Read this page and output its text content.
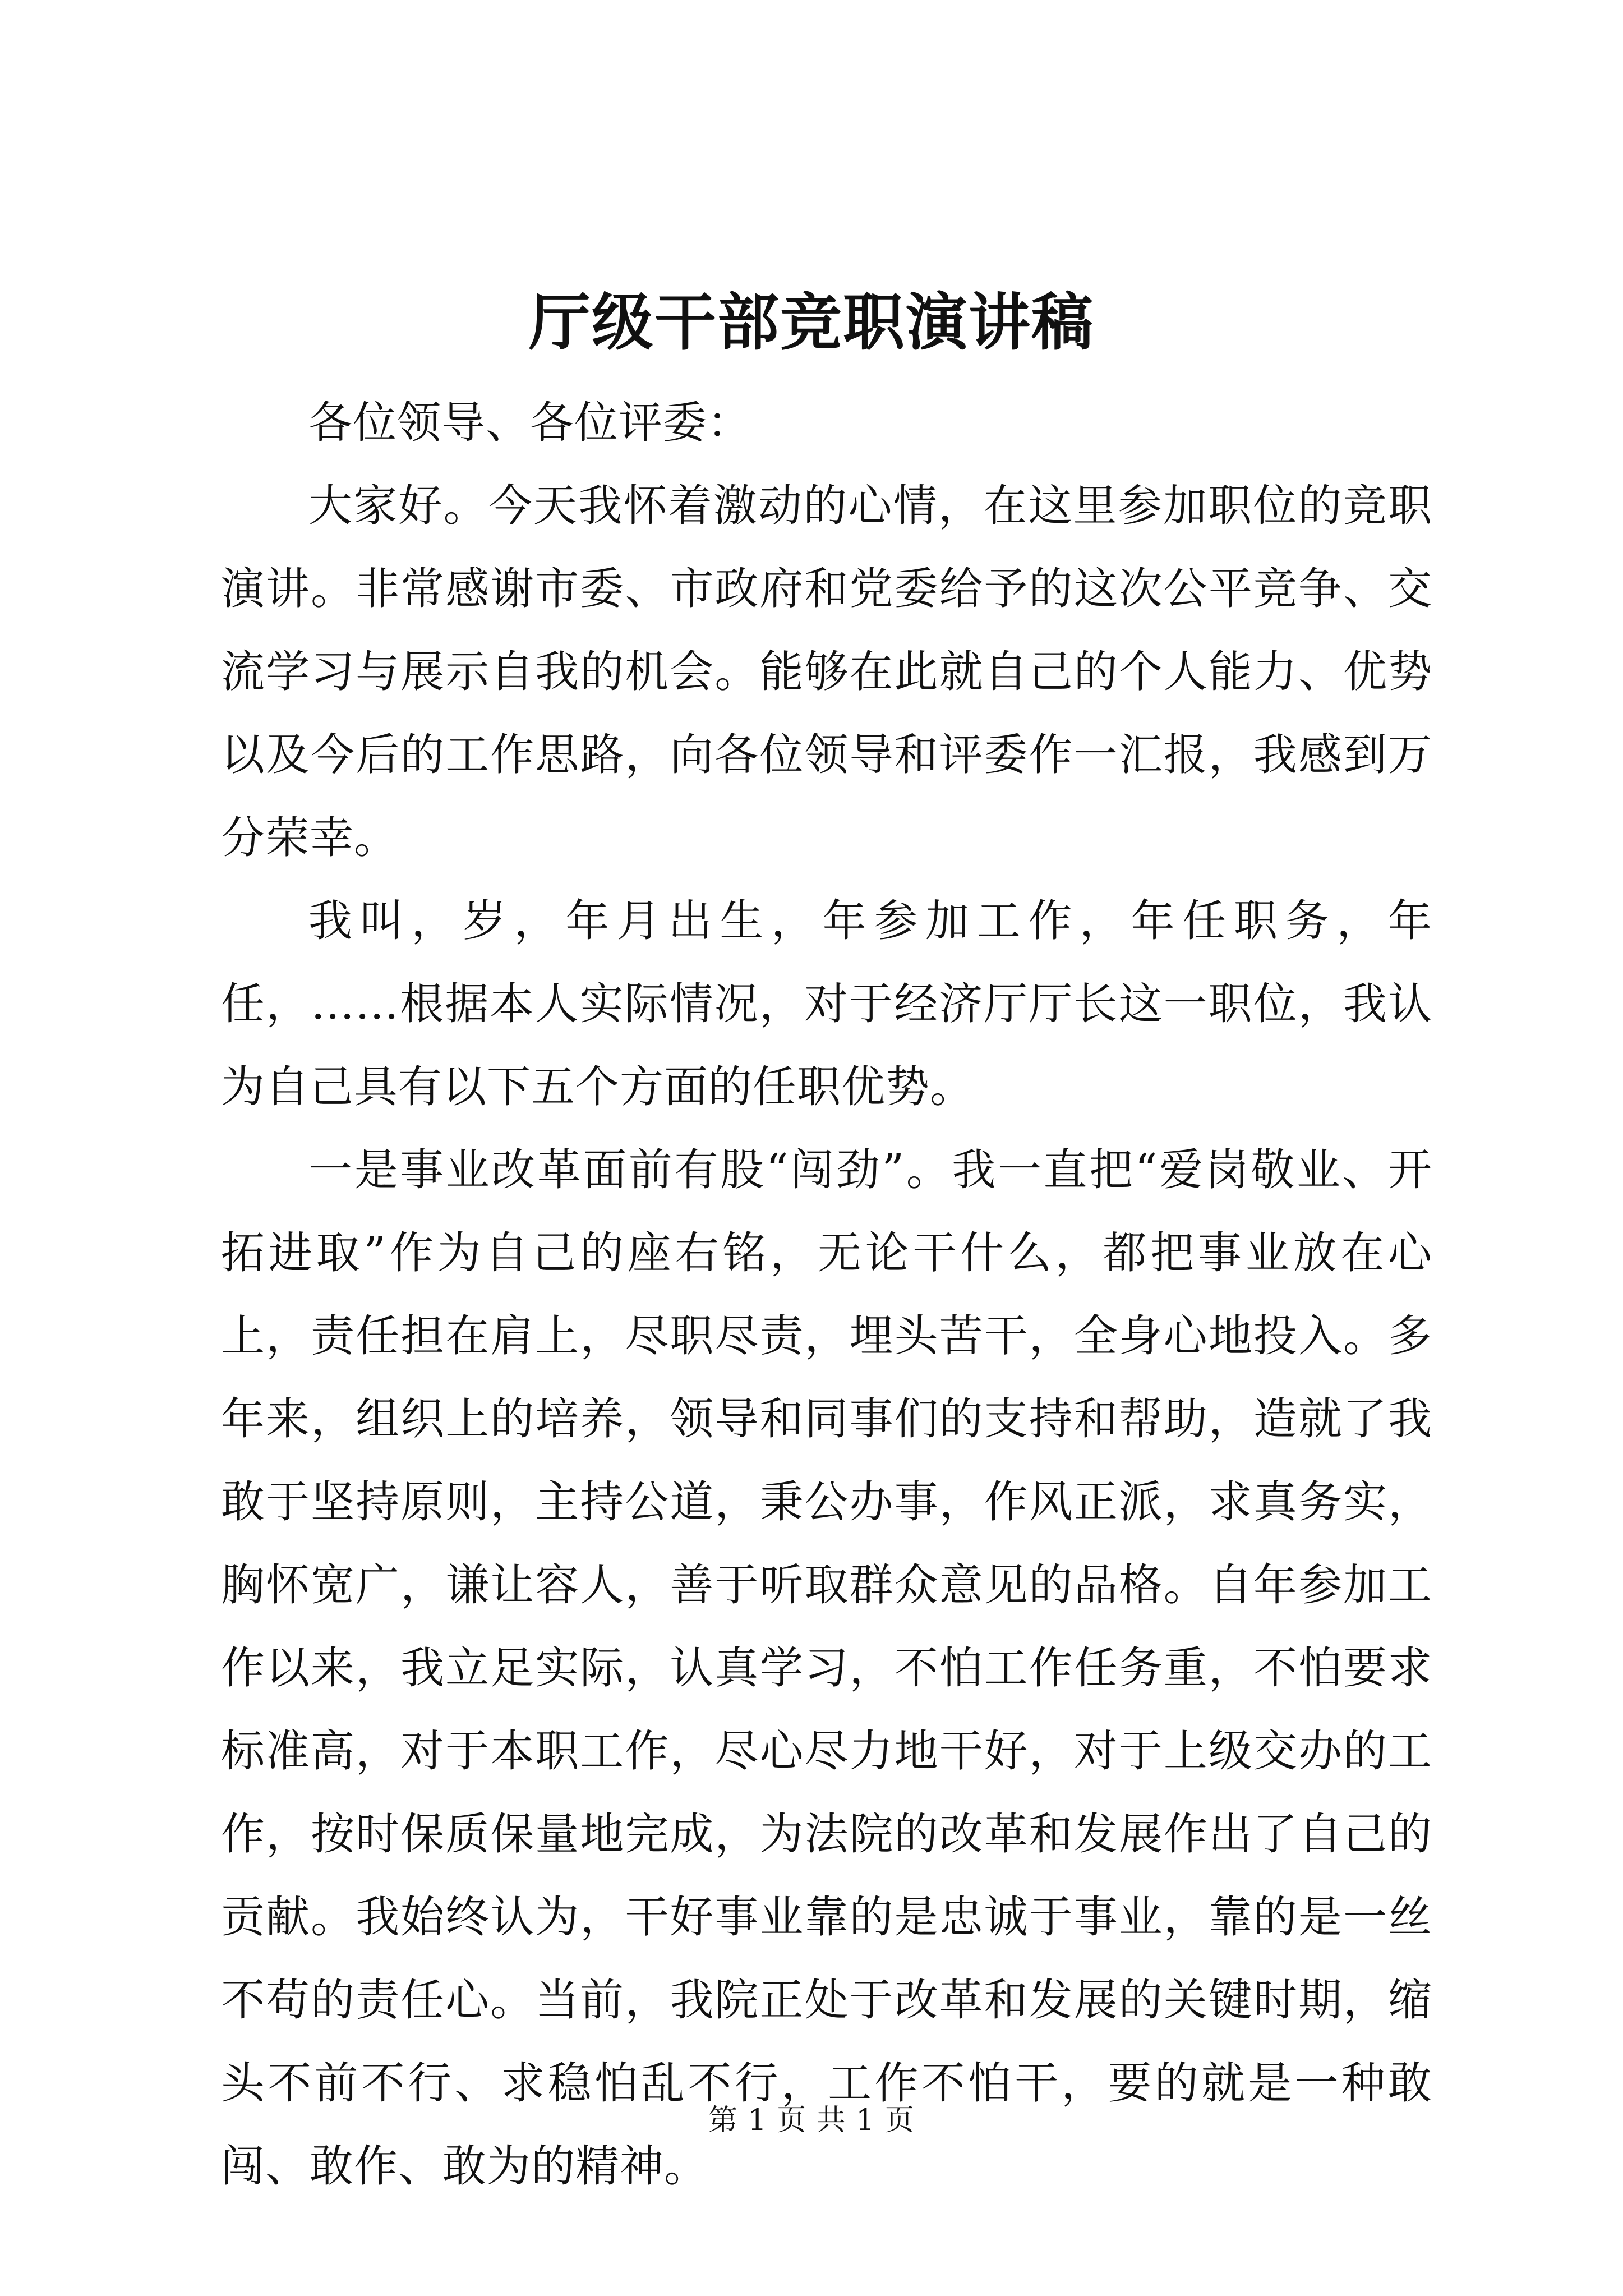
厅级干部竞职演讲稿

各位领导、各位评委：

大家好。今天我怀着激动的心情，在这里参加职位的竞职演讲。非常感谢市委、市政府和党委给予的这次公平竞争、交流学习与展示自我的机会。能够在此就自己的个人能力、优势以及今后的工作思路，向各位领导和评委作一汇报，我感到万分荣幸。

我叫，岁，年月出生，年参加工作，年任职务，年任，……根据本人实际情况，对于经济厅厅长这一职位，我认为自己具有以下五个方面的任职优势。

一是事业改革面前有股“闯劲”。我一直把“爱岗敬业、开拓进取”作为自己的座右铭，无论干什么，都把事业放在心上，责任担在肩上，尽职尽责，埋头苦干，全身心地投入。多年来，组织上的培养，领导和同事们的支持和帮助，造就了我敢于坚持原则，主持公道，秉公办事，作风正派，求真务实，胸怀宽广，谦让容人，善于听取群众意见的品格。自年参加工作以来，我立足实际，认真学习，不怕工作任务重，不怕要求标准高，对于本职工作，尽心尽力地干好，对于上级交办的工作，按时保质保量地完成，为法院的改革和发展作出了自己的贡献。我始终认为，干好事业靠的是忠诚于事业，靠的是一丝不苟的责任心。当前，我院正处于改革和发展的关键时期，缩头不前不行、求稳怕乱不行，工作不怕干，要的就是一种敢闯、敢作、敢为的精神。

第 1 页 共 1 页
